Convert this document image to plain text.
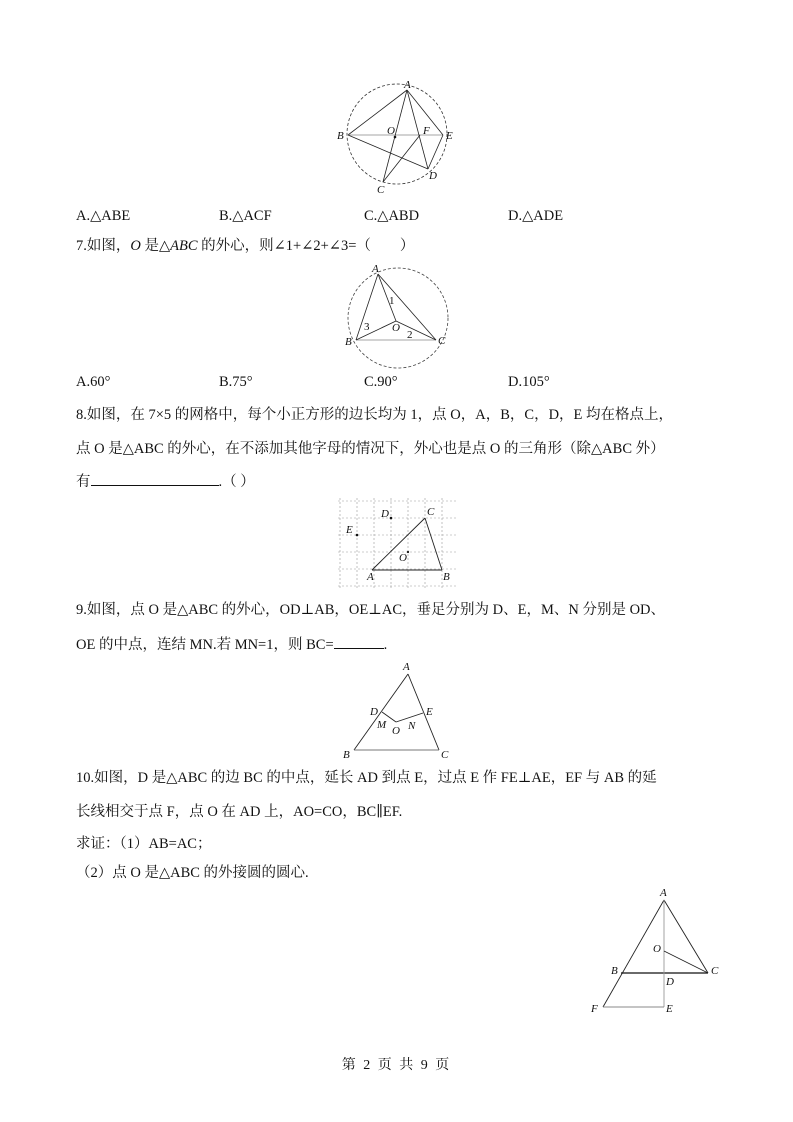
A
B	O	F E
C
D
A.△ABE	B.△ACF	C.△ABD	D.△ADE
7.如图，O 是△ABC 的外心，则∠1+∠2+∠3=（　　）
A
B	C
O
1
2
3
A.60°	B.75°	C.90°	D.105°
8.如图，在 7×5 的网格中，每个小正方形的边长均为 1，点 O，A，B，C，D，E 均在格点上，
点 O 是△ABC 的外心，在不添加其他字母的情况下，外心也是点 O 的三角形（除△ABC 外）
有	.（ ）
D	C
E
O
A	B
9.如图，点 O 是△ABC 的外心，OD⊥AB，OE⊥AC，垂足分别为 D、E，M、N 分别是 OD、
OE 的中点，连结 MN.若 MN=1，则 BC=	.
A
D	E
M O N
B	C
10.如图，D 是△ABC 的边 BC 的中点，延长 AD 到点 E，过点 E 作 FE⊥AE，EF 与 AB 的延
长线相交于点 F，点 O 在 AD 上，AO=CO，BC∥EF.
求证：（1）AB=AC；
（2）点 O 是△ABC 的外接圆的圆心.
A
O
B	C
D
F	E
第 2 页 共 9 页
